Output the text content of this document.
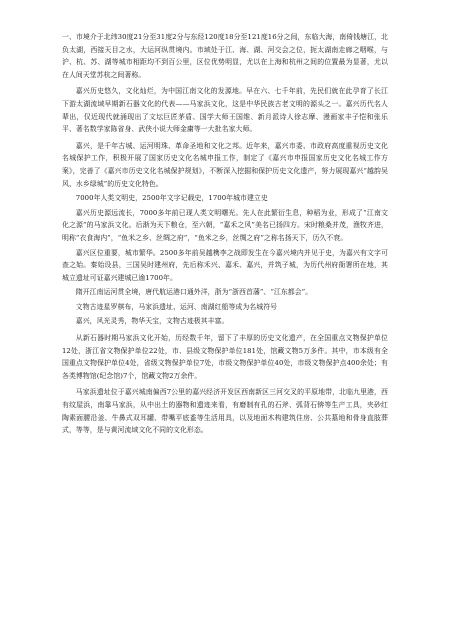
一、市境介于北纬30度21分至31度2分与东经120度18分至121度16分之间，东临大海，南倚钱塘江，北负太湖，西接天目之水，大运河纵贯境内。市域处于江、海、湖、河交会之位，扼太湖南走廊之咽喉，与沪、杭、苏、湖等城市相距均不到百公里，区位优势明显，尤以在上海和杭州之间的位置最为显著，尤以在人间天堂苏杭之间著称。

嘉兴历史悠久，文化灿烂，为中国江南文化的发源地。早在六、七千年前，先民们就在此孕育了长江下游太湖流域早期新石器文化的代表——马家浜文化，这是中华民族古老文明的源头之一。嘉兴历代名人辈出，仅近现代就涌现出了文坛巨匠茅盾、国学大师王国维、新月派诗人徐志摩、漫画家丰子恺和张乐平、著名数学家陈省身、武侠小说大师金庸等一大批名家大师。

嘉兴，是千年古城、运河明珠、革命圣地和文化之邦。近年来，嘉兴市委、市政府高度重视历史文化名城保护工作，积极开展了国家历史文化名城申报工作，制定了《嘉兴市申报国家历史文化名城工作方案》，完善了《嘉兴市历史文化名城保护规划》，不断深入挖掘和保护历史文化遗产，努力展现嘉兴“越韵吴风、水乡绿城”的历史文化特色。

7000年人类文明史，2500年文字记载史，1700年城市建立史

嘉兴历史源远流长，7000多年前已现人类文明曙光。先人在此繁衍生息，种稻为业，形成了“江南文化之源”的马家浜文化。后渐为天下粮仓，至六朝，“嘉禾之风”美名已扬四方。宋时粮桑并茂，渔牧齐进，明称“衣食海内”，“鱼米之乡、丝绸之府”，“鱼米之乡，丝绸之府”之称名扬天下，历久不衰。

嘉兴区位重要，城市繁华。2500多年前吴越槜李之战即发生在今嘉兴境内并见于史，为嘉兴有文字可查之始。秦始设县，三国吴时建州府，先后称禾兴、嘉禾、嘉兴，并筑子城，为历代州府衙署所在地，其城立遗址可证嘉兴建城已逾1700年。

隋开江南运河贯全境，唐代航运港口通外洋，浙为“浙西首藩”、“江东都会”。

文物古迹星罗棋布，马家浜遗址、运河、南湖红船等成为名城符号

嘉兴，风光灵秀，物华天宝，文物古迹极其丰富。

从新石器时期马家浜文化开始，历经数千年，留下了丰厚的历史文化遗产，在全国重点文物保护单位12处，浙江省文物保护单位22处，市、县级文物保护单位181处，馆藏文物5万多件。其中，市本级有全国重点文物保护单位4处，省级文物保护单位7处，市级文物保护单位40处，市级文物保护点400余处；有各类博物馆(纪念馆)7个，馆藏文物2万余件。

马家浜遗址位于嘉兴城南偏西7公里的嘉兴经济开发区西南新区三河交叉的平原地带，北临九里港，西有纹屋浜，南靠马家浜，从中出土的器物和遗迹来看，有磨制有孔的石斧、弧背石锛等生产工具，夹砂红陶素面腰沿釜、牛鼻式双耳罐、带嘴平底盉等生活用具，以及地面木构建筑住房、公共墓地和骨身直肢葬式，等等，是与黄河流域文化不同的文化形态。
